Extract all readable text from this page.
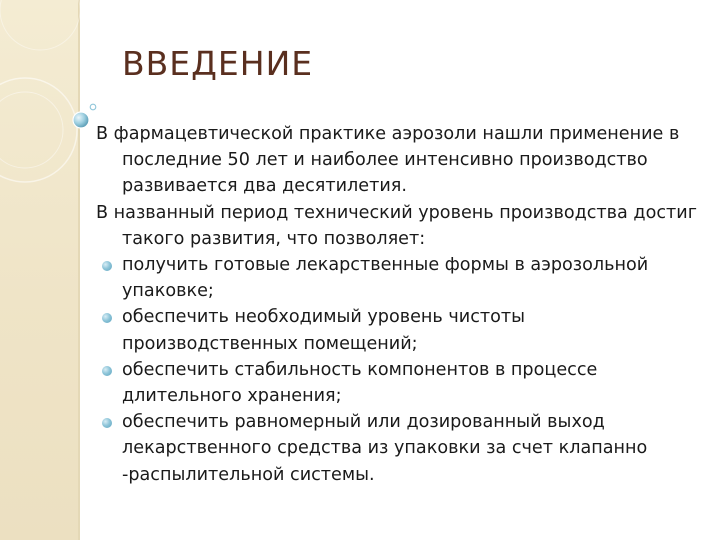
ВВЕДЕНИЕ

В фармацевтической практике аэрозоли нашли применение в последние 50 лет и наиболее интенсивно производство развивается два десятилетия.

В названный период технический уровень производства достиг такого развития, что позволяет:

получить готовые лекарственные формы в аэрозольной упаковке;
обеспечить необходимый уровень чистоты производственных помещений;
обеспечить стабильность компонентов в процессе длительного хранения;
обеспечить равномерный или дозированный выход лекарственного средства из упаковки за счет клапанно -распылительной системы.
